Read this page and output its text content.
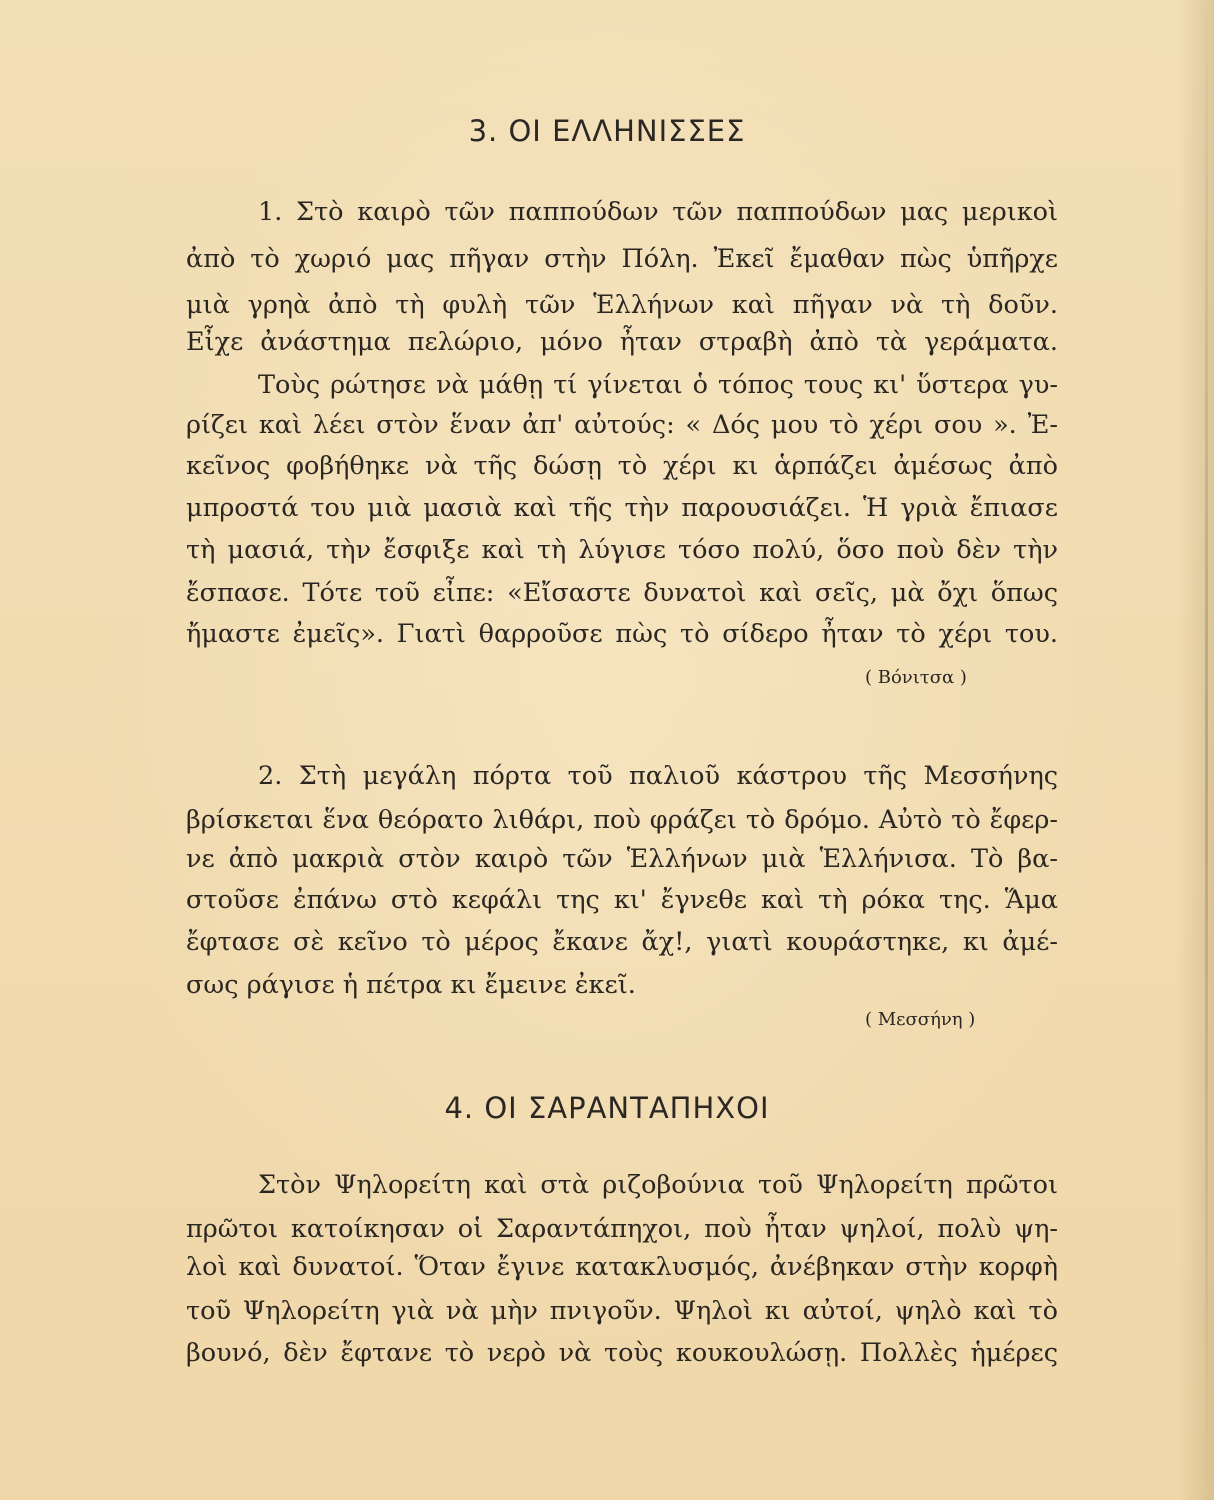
3. ΟΙ ΕΛΛΗΝΙΣΣΕΣ
1. Στὸ καιρὸ τῶν παππούδων τῶν παππούδων μας μερικοὶ
ἀπὸ τὸ χωριό μας πῆγαν στὴν Πόλη. Ἐκεῖ ἔμαθαν πὼς ὑπῆρχε
μιὰ γρηὰ ἀπὸ τὴ φυλὴ τῶν Ἑλλήνων καὶ πῆγαν νὰ τὴ δοῦν.
Εἶχε ἀνάστημα πελώριο, μόνο ἦταν στραβὴ ἀπὸ τὰ γεράματα.
Τοὺς ρώτησε νὰ μάθῃ τί γίνεται ὁ τόπος τους κι' ὕστερα γυ-
ρίζει καὶ λέει στὸν ἕναν ἀπ' αὐτούς: « Δός μου τὸ χέρι σου ». Ἐ-
κεῖνος φοβήθηκε νὰ τῆς δώσῃ τὸ χέρι κι ἁρπάζει ἀμέσως ἀπὸ
μπροστά του μιὰ μασιὰ καὶ τῆς τὴν παρουσιάζει. Ἡ γριὰ ἔπιασε
τὴ μασιά, τὴν ἔσφιξε καὶ τὴ λύγισε τόσο πολύ, ὅσο ποὺ δὲν τὴν
ἔσπασε. Τότε τοῦ εἶπε: «Εἴσαστε δυνατοὶ καὶ σεῖς, μὰ ὄχι ὅπως
ἤμαστε ἐμεῖς». Γιατὶ θαρροῦσε πὼς τὸ σίδερο ἦταν τὸ χέρι του.
( Βόνιτσα )
2. Στὴ μεγάλη πόρτα τοῦ παλιοῦ κάστρου τῆς Μεσσήνης
βρίσκεται ἕνα θεόρατο λιθάρι, ποὺ φράζει τὸ δρόμο. Αὐτὸ τὸ ἔφερ-
νε ἀπὸ μακριὰ στὸν καιρὸ τῶν Ἑλλήνων μιὰ Ἑλλήνισα. Τὸ βα-
στοῦσε ἐπάνω στὸ κεφάλι της κι' ἔγνεθε καὶ τὴ ρόκα της. Ἅμα
ἔφτασε σὲ κεῖνο τὸ μέρος ἔκανε ἄχ!, γιατὶ κουράστηκε, κι ἀμέ-
σως ράγισε ἡ πέτρα κι ἔμεινε ἐκεῖ.
( Μεσσήνη )
4. ΟΙ ΣΑΡΑΝΤΑΠΗΧΟΙ
Στὸν Ψηλορείτη καὶ στὰ ριζοβούνια τοῦ Ψηλορείτη πρῶτοι
πρῶτοι κατοίκησαν οἱ Σαραντάπηχοι, ποὺ ἦταν ψηλοί, πολὺ ψη-
λοὶ καὶ δυνατοί. Ὅταν ἔγινε κατακλυσμός, ἀνέβηκαν στὴν κορφὴ
τοῦ Ψηλορείτη γιὰ νὰ μὴν πνιγοῦν. Ψηλοὶ κι αὐτοί, ψηλὸ καὶ τὸ
βουνό, δὲν ἔφτανε τὸ νερὸ νὰ τοὺς κουκουλώσῃ. Πολλὲς ἡμέρες
